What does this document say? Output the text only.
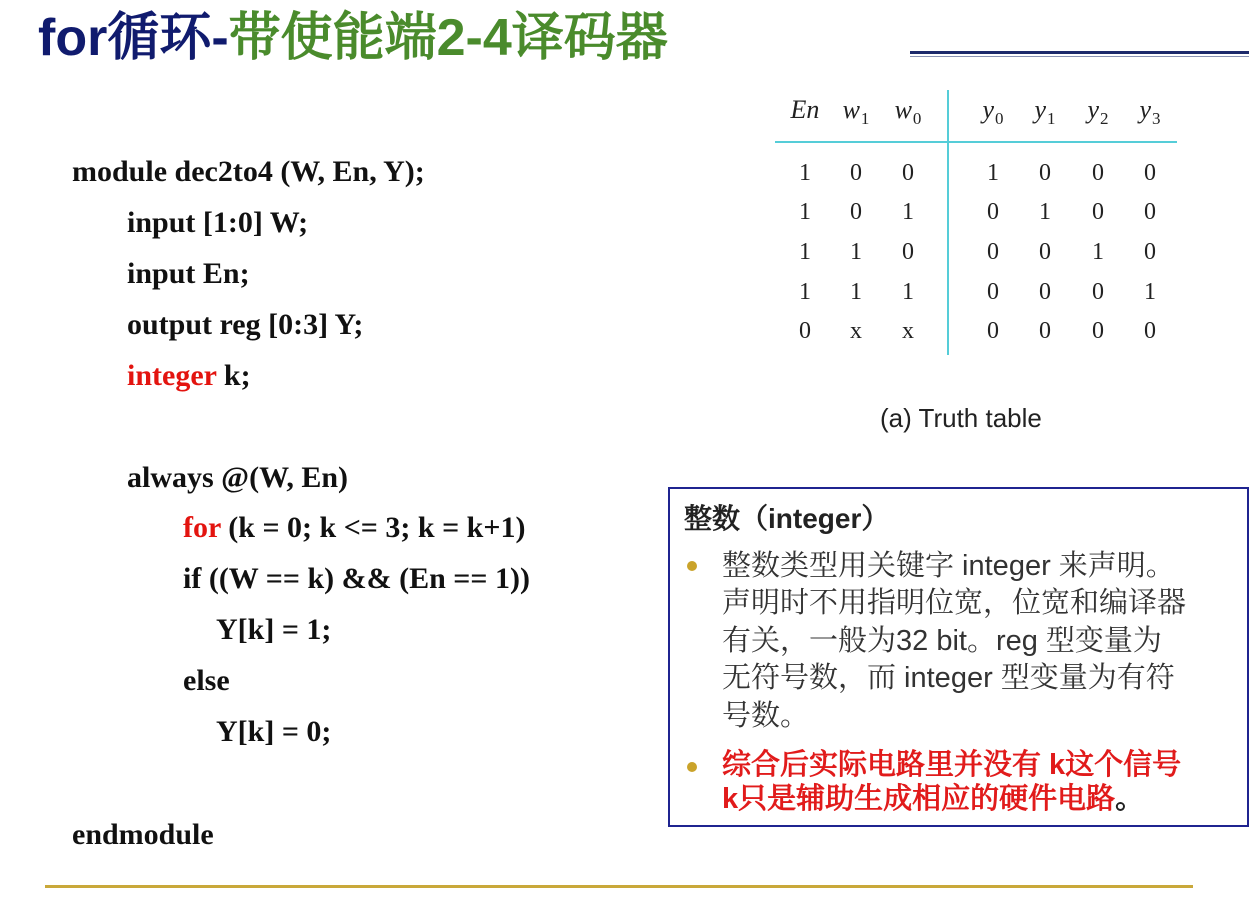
for循环-带使能端2-4译码器
module dec2to4 (W, En, Y);
input [1:0] W;
input En;
output reg [0:3] Y;
integer k;
always @(W, En)
for (k = 0; k <= 3; k = k+1)
if ((W == k) && (En == 1))
Y[k] = 1;
else
Y[k] = 0;
endmodule
En $w_1$ $w_0$	$y_0$	$y_1$	$y_2$	$y_3$
1	0	0	1	0	0	0
1	0	1	0	1	0	0
1	1	0	0	0	1	0
1	1	1	0	0	0	1
0	x	x	0	0	0	0
(a) Truth table
整数（integer）
整数类型用关键字 integer 来声明。
声明时不用指明位宽，位宽和编译器
有关，一般为32 bit。reg 型变量为
无符号数，而 integer 型变量为有符
号数。
综合后实际电路里并没有 k这个信号
k只是辅助生成相应的硬件电路。
